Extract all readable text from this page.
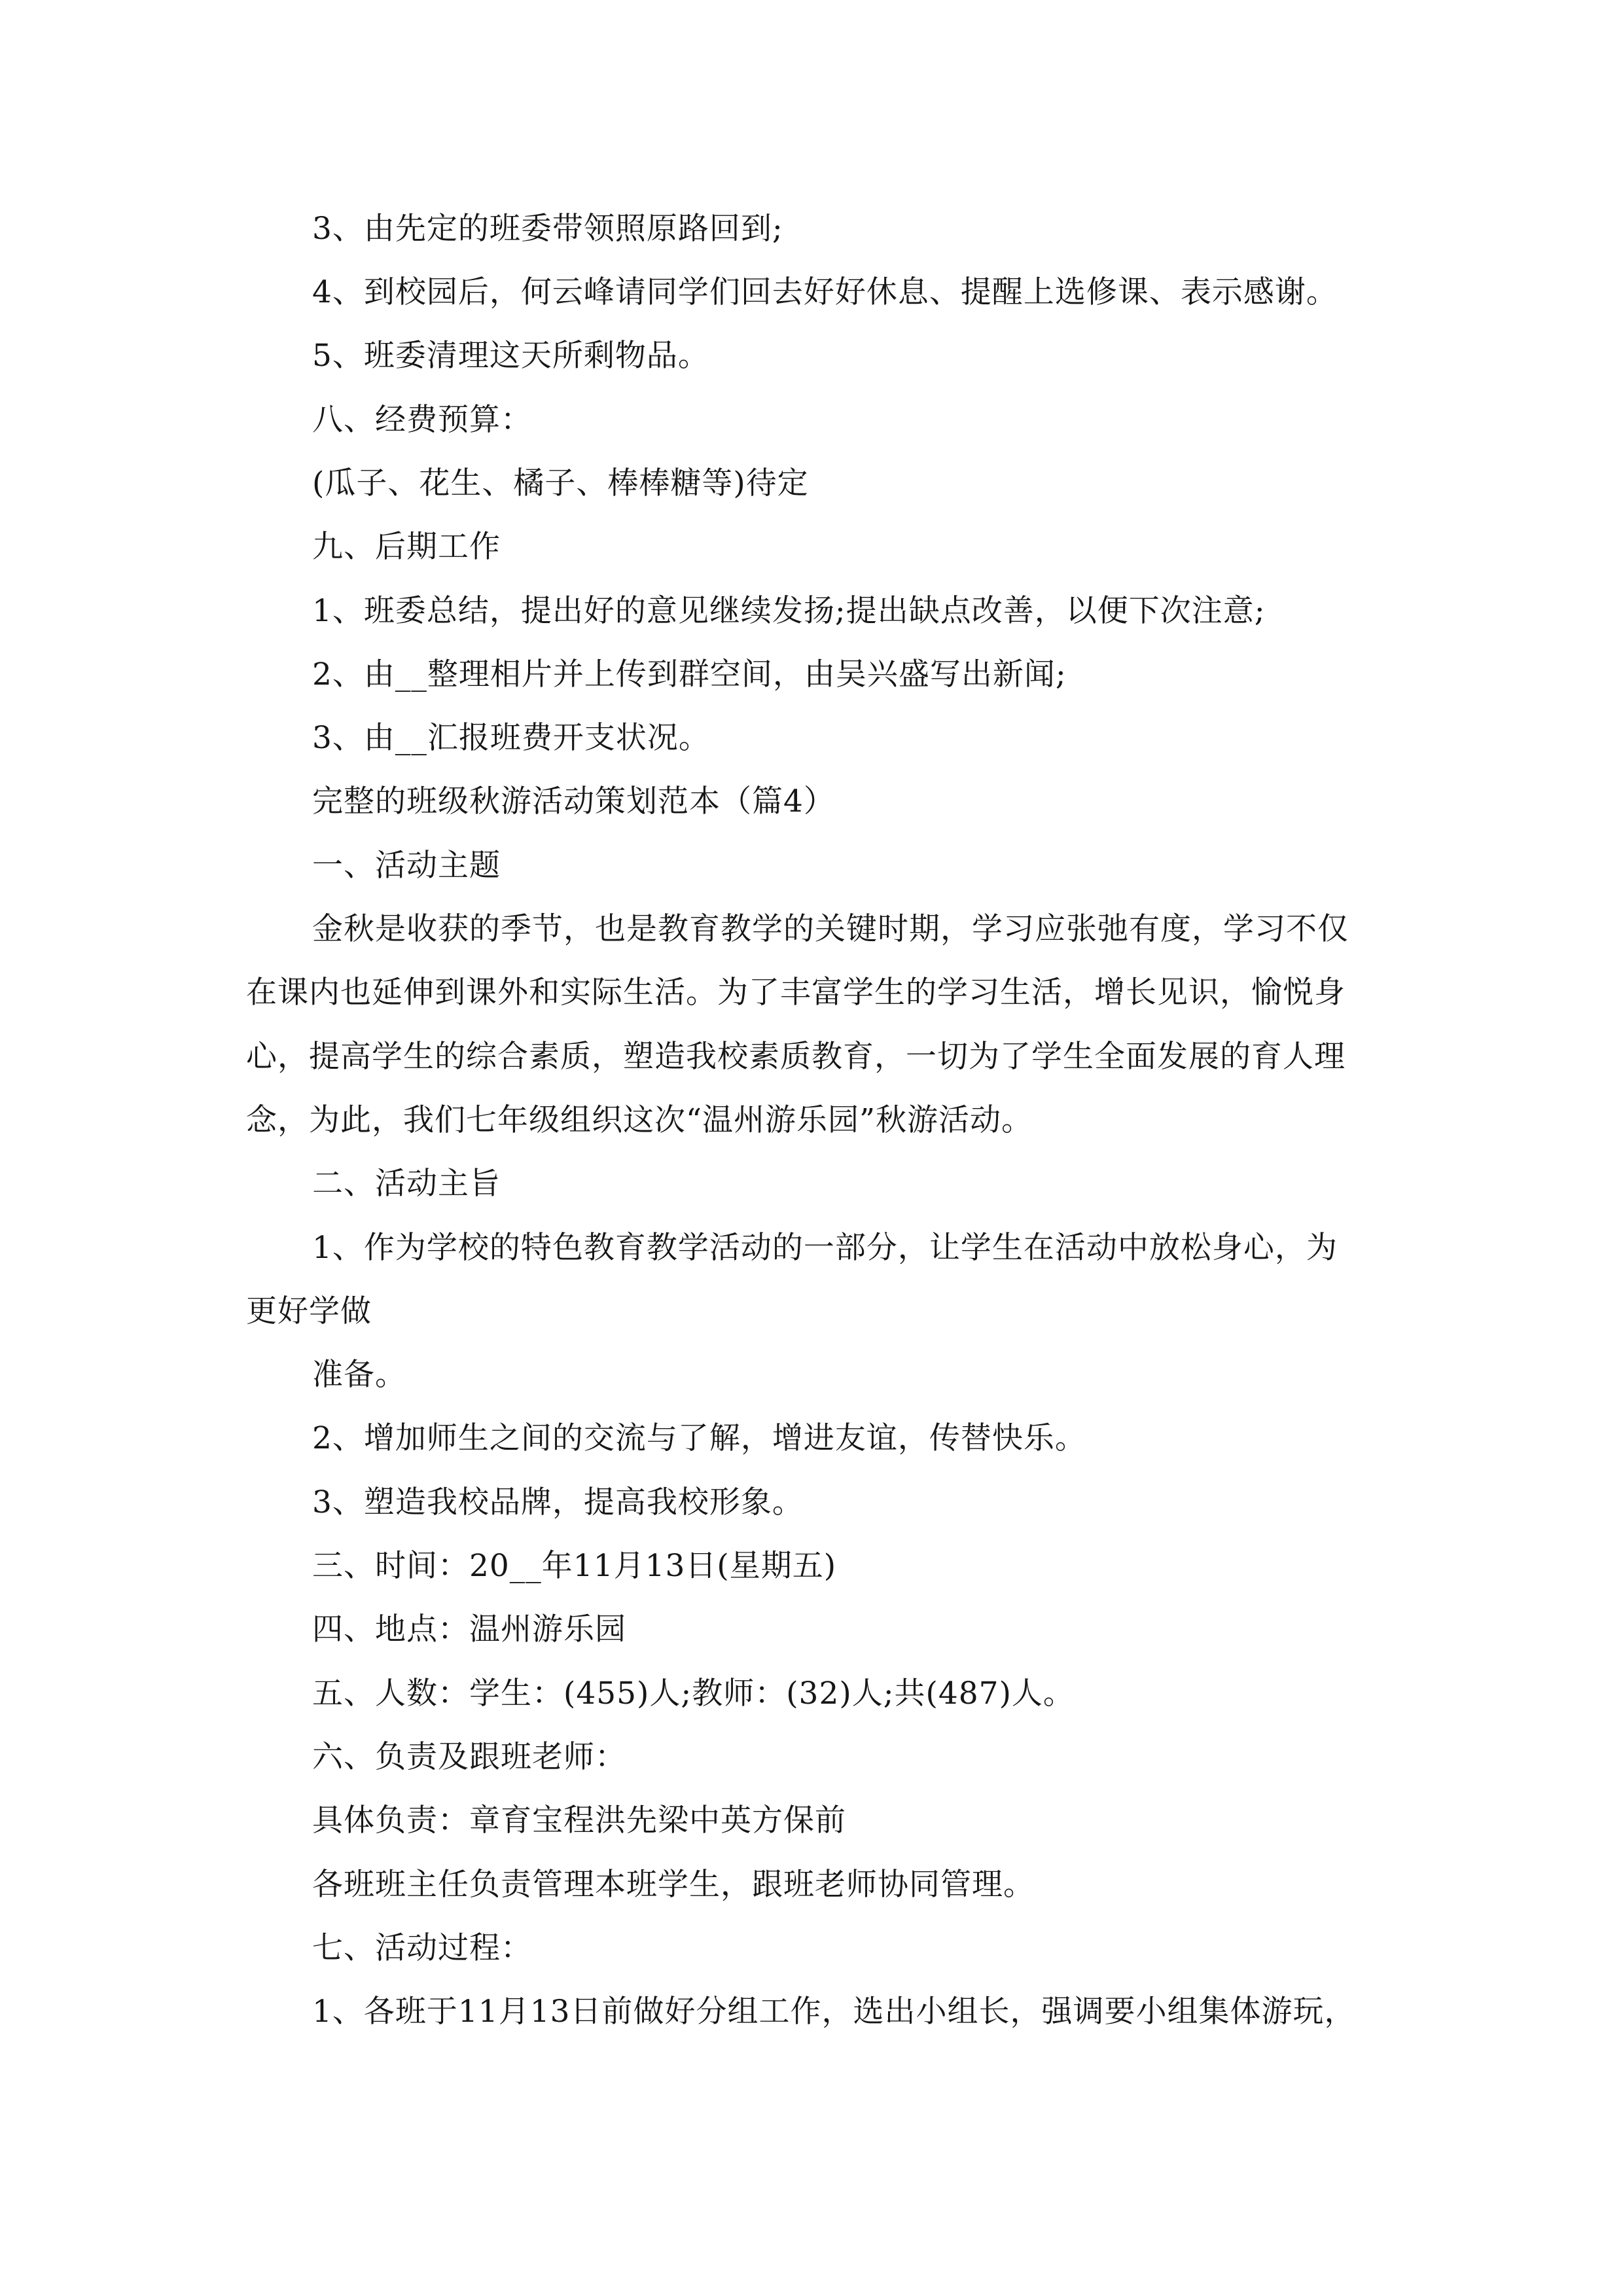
3、由先定的班委带领照原路回到;
4、到校园后，何云峰请同学们回去好好休息、提醒上选修课、表示感谢。
5、班委清理这天所剩物品。
八、经费预算：
(瓜子、花生、橘子、棒棒糖等)待定
九、后期工作
1、班委总结，提出好的意见继续发扬;提出缺点改善，以便下次注意;
2、由__整理相片并上传到群空间，由吴兴盛写出新闻;
3、由__汇报班费开支状况。
完整的班级秋游活动策划范本（篇4）
一、活动主题
金秋是收获的季节，也是教育教学的关键时期，学习应张弛有度，学习不仅
在课内也延伸到课外和实际生活。为了丰富学生的学习生活，增长见识，愉悦身
心，提高学生的综合素质，塑造我校素质教育，一切为了学生全面发展的育人理
念，为此，我们七年级组织这次“温州游乐园”秋游活动。
二、活动主旨
1、作为学校的特色教育教学活动的一部分，让学生在活动中放松身心，为
更好学做
准备。
2、增加师生之间的交流与了解，增进友谊，传替快乐。
3、塑造我校品牌，提高我校形象。
三、时间：20__年11月13日(星期五)
四、地点：温州游乐园
五、人数：学生：(455)人;教师：(32)人;共(487)人。
六、负责及跟班老师：
具体负责：章育宝程洪先梁中英方保前
各班班主任负责管理本班学生，跟班老师协同管理。
七、活动过程：
1、各班于11月13日前做好分组工作，选出小组长，强调要小组集体游玩，
